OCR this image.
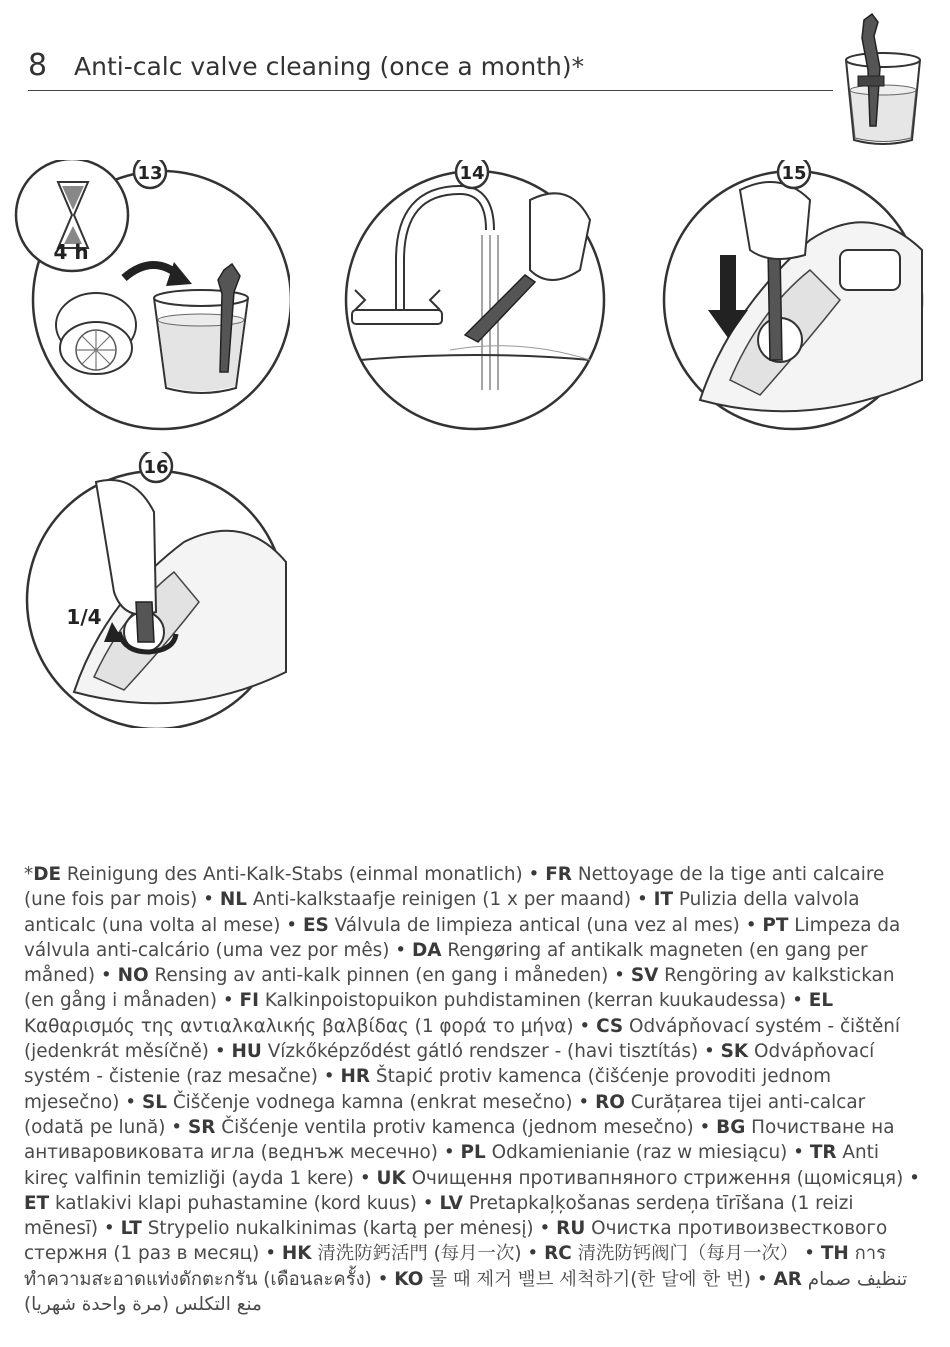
8 Anti-calc valve cleaning (once a month)*
4 h
13	14	15
1/4
16
*DE Reinigung des Anti-Kalk-Stabs (einmal monatlich) • FR Nettoyage de la tige anti calcaire (une fois par mois) • NL Anti-kalkstaafje reinigen (1 x per maand) • IT Pulizia della valvola anticalc (una volta al mese) • ES Válvula de limpieza antical (una vez al mes) • PT Limpeza da válvula anti-calcário (uma vez por mês) • DA Rengøring af antikalk magneten (en gang per måned) • NO Rensing av anti-kalk pinnen (en gang i måneden) • SV Rengöring av kalkstickan (en gång i månaden) • FI Kalkinpoistopuikon puhdistaminen (kerran kuukaudessa) • EL Καθαρισμός της αντιαλκαλικής βαλβίδας (1 φορά το μήνα) • CS Odvápňovací systém - čištění (jedenkrát měsíčně) • HU Vízkőképződést gátló rendszer - (havi tisztítás) • SK Odvápňovací systém - čistenie (raz mesačne) • HR Štapić protiv kamenca (čišćenje provoditi jednom mjesečno) • SL Čiščenje vodnega kamna (enkrat mesečno) • RO Curățarea tijei anti-calcar (odată pe lună) • SR Čišćenje ventila protiv kamenca (jednom mesečno) • BG Почистване на антиваровиковата игла (веднъж месечно) • PL Odkamienianie (raz w miesiącu) • TR Anti kireç valfinin temizliği (ayda 1 kere) • UK Очищення противапняного стриження (щомісяця) • ET katlakivi klapi puhastamine (kord kuus) • LV Pretapkaļķošanas serdeņa tīrīšana (1 reizi mēnesī) • LT Strypelio nukalkinimas (kartą per mėnesį) • RU Очистка противоизвесткового стержня (1 раз в месяц) • HK 清洗防鈣活門 (每月一次) • RC 清洗防钙阀门（每月一次） • TH การทำความสะอาดแท่งดักตะกรัน (เดือนละครั้ง) • KO 물 때 제거 밸브 세척하기(한 달에 한 번) • AR تنظيف صمام منع التكلس (مرة واحدة شهريا)
